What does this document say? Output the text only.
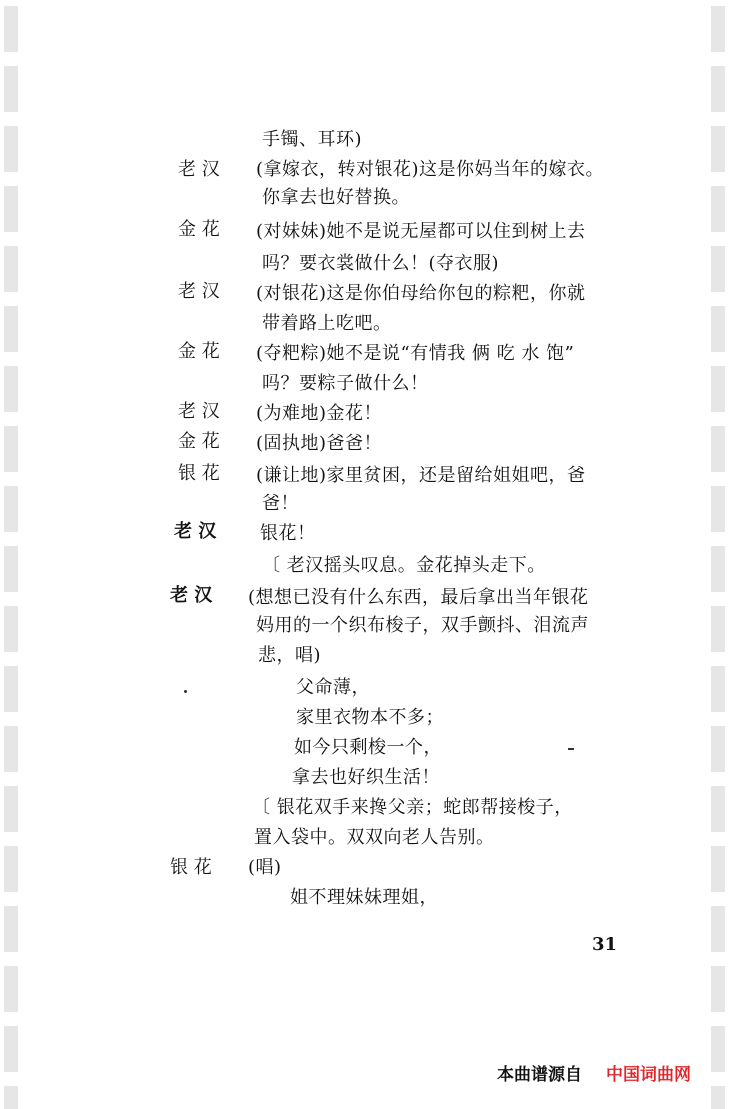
手镯、耳环)
老 汉 (拿嫁衣，转对银花)这是你妈当年的嫁衣。
你拿去也好替换。
金 花 (对妹妹)她不是说无屋都可以住到树上去
吗？要衣裳做什么！(夺衣服)
老 汉 (对银花)这是你伯母给你包的粽粑，你就
带着路上吃吧。
金 花 (夺粑粽)她不是说“有情我 俩 吃 水 饱”
吗？要粽子做什么！
老 汉 (为难地)金花！
金 花 (固执地)爸爸！
银 花 (谦让地)家里贫困，还是留给姐姐吧，爸
爸！
老 汉 银花！
〔 老汉摇头叹息。金花掉头走下。
老 汉 (想想已没有什么东西，最后拿出当年银花
妈用的一个织布梭子，双手颤抖、泪流声
悲，唱)
父命薄，
家里衣物本不多；
如今只剩梭一个，
拿去也好织生活！
〔 银花双手来搀父亲；蛇郎帮接梭子，
置入袋中。双双向老人告别。
银 花 (唱)
姐不理妹妹理姐，
31
本曲谱源自 中国词曲网
